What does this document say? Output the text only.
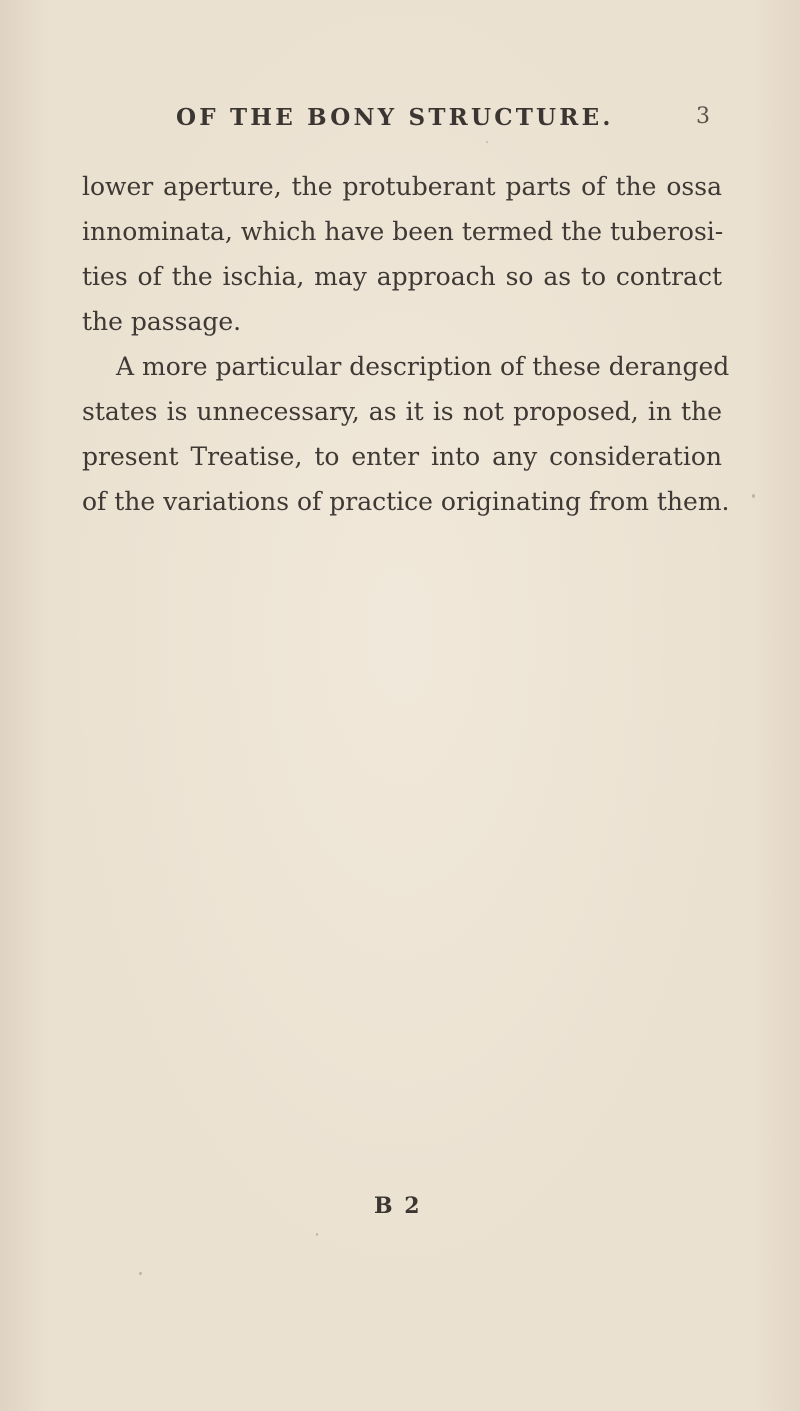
OF THE BONY STRUCTURE.	3
lower aperture, the protuberant parts of the ossa
innominata, which have been termed the tuberosi-
ties of the ischia, may approach so as to contract
the passage.
A more particular description of these deranged
states is unnecessary, as it is not proposed, in the
present Treatise, to enter into any consideration
of the variations of practice originating from them.
B 2
